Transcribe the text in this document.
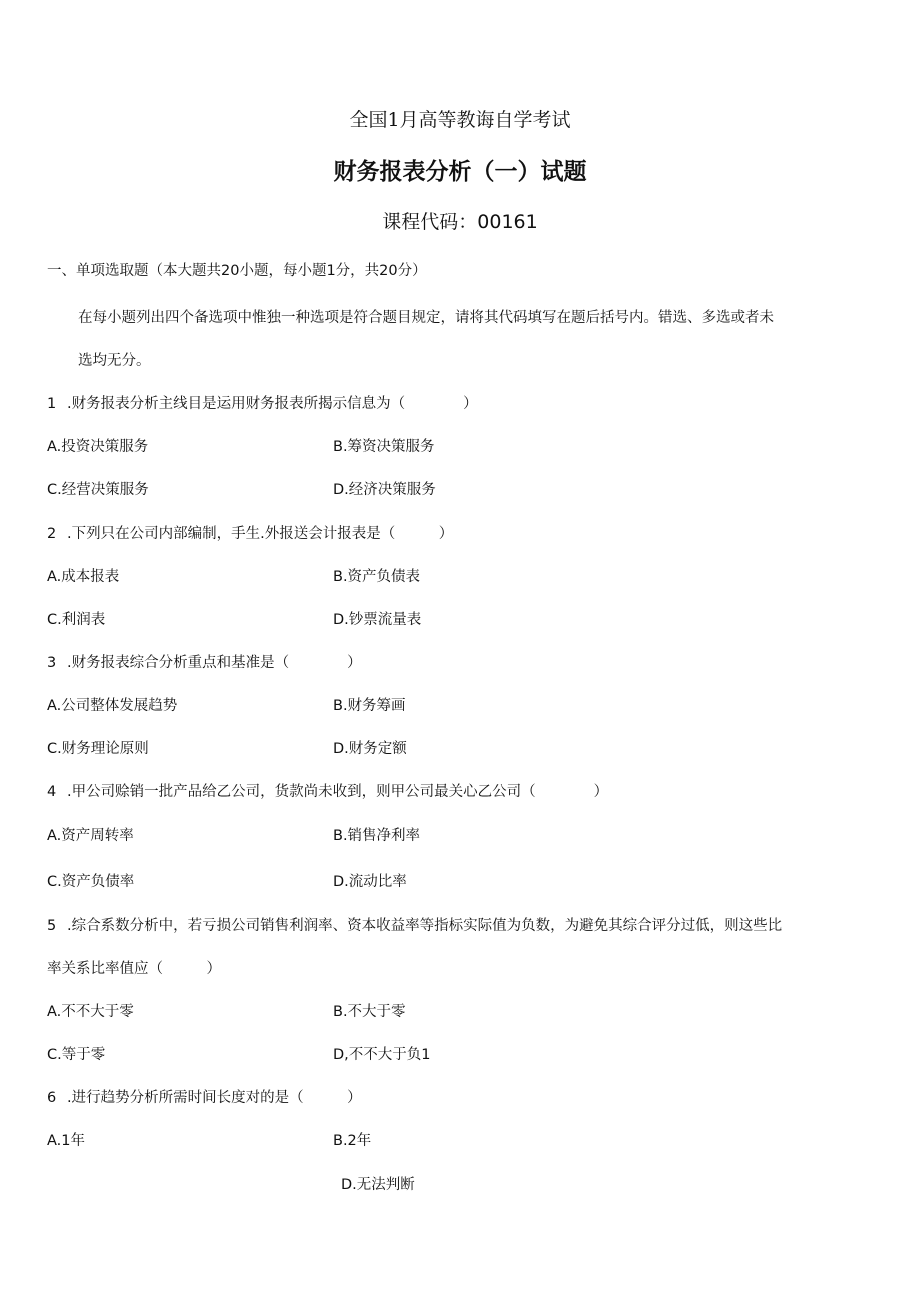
全国1月高等教诲自学考试
财务报表分析（一）试题
课程代码：00161
一、单项选取题（本大题共20小题，每小题1分，共20分）
在每小题列出四个备选项中惟独一种选项是符合题目规定，请将其代码填写在题后括号内。错选、多选或者未
选均无分。
1 .财务报表分析主线目是运用财务报表所揭示信息为（　　　　）
A.投资决策服务	B.筹资决策服务
C.经营决策服务	D.经济决策服务
2 .下列只在公司内部编制，手生.外报送会计报表是（　　　）
A.成本报表	B.资产负债表
C.利润表	D.钞票流量表
3 .财务报表综合分析重点和基准是（　　　　）
A.公司整体发展趋势	B.财务筹画
C.财务理论原则	D.财务定额
4 .甲公司赊销一批产品给乙公司，货款尚未收到，则甲公司最关心乙公司（　　　　）
A.资产周转率	B.销售净利率
C.资产负债率	D.流动比率
5 .综合系数分析中，若亏损公司销售利润率、资本收益率等指标实际值为负数，为避免其综合评分过低，则这些比
率关系比率值应（　　　）
A.不不大于零	B.不大于零
C.等于零	D,不不大于负1
6 .进行趋势分析所需时间长度对的是（　　　）
A.1年	B.2年
D.无法判断
